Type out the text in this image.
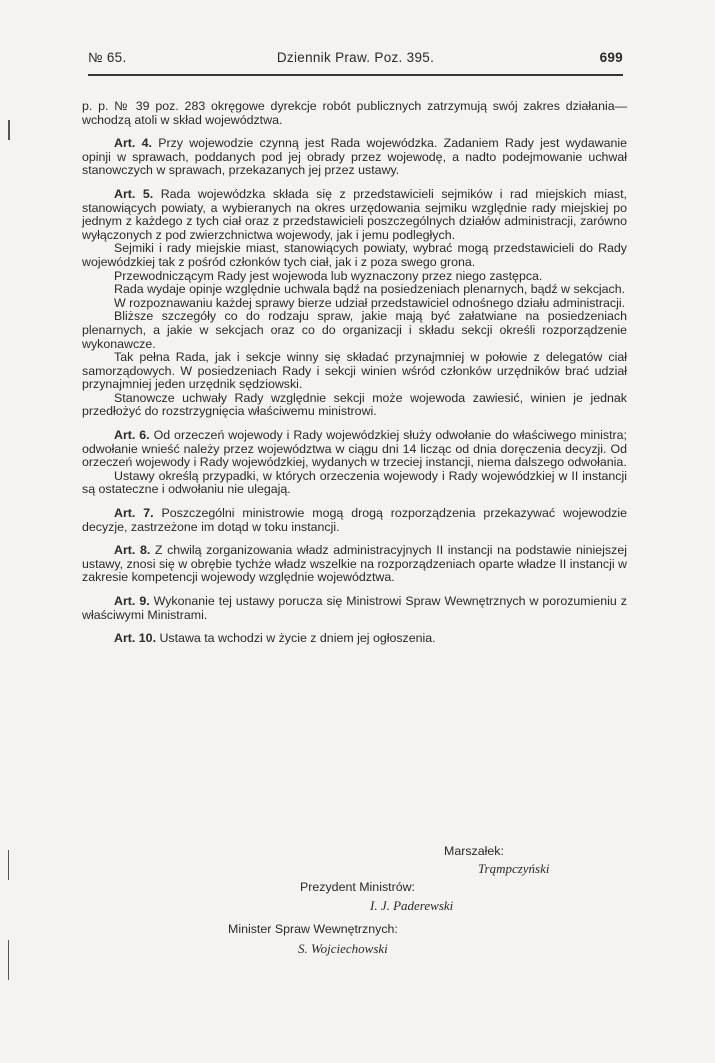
№ 65.	Dziennik Praw. Poz. 395.	699

p. p. № 39 poz. 283 okręgowe dyrekcje robót publicznych zatrzymują swój zakres działania—wchodzą atoli w skład województwa.

Art. 4. Przy wojewodzie czynną jest Rada wojewódzka. Zadaniem Rady jest wydawanie opinji w sprawach, poddanych pod jej obrady przez wojewodę, a nadto podejmowanie uchwał stanowczych w sprawach, przekazanych jej przez ustawy.

Art. 5. Rada wojewódzka składa się z przedstawicieli sejmików i rad miejskich miast, stanowiących powiaty, a wybieranych na okres urzędowania sejmiku względnie rady miejskiej po jednym z każdego z tych ciał oraz z przedstawicieli poszczególnych działów administracji, zarówno wyłączonych z pod zwierzchnictwa wojewody, jak i jemu podległych.

Sejmiki i rady miejskie miast, stanowiących powiaty, wybrać mogą przedstawicieli do Rady wojewódzkiej tak z pośród członków tych ciał, jak i z poza swego grona.

Przewodniczącym Rady jest wojewoda lub wyznaczony przez niego zastępca.

Rada wydaje opinje względnie uchwala bądź na posiedzeniach plenarnych, bądź w sekcjach.

W rozpoznawaniu każdej sprawy bierze udział przedstawiciel odnośnego działu administracji.

Bliższe szczegóły co do rodzaju spraw, jakie mają być załatwiane na posiedzeniach plenarnych, a jakie w sekcjach oraz co do organizacji i składu sekcji określi rozporządzenie wykonawcze.

Tak pełna Rada, jak i sekcje winny się składać przynajmniej w połowie z delegatów ciał samorządowych. W posiedzeniach Rady i sekcji winien wśród członków urzędników brać udział przynajmniej jeden urzędnik sędziowski.

Stanowcze uchwały Rady względnie sekcji może wojewoda zawiesić, winien je jednak przedłożyć do rozstrzygnięcia właściwemu ministrowi.

Art. 6. Od orzeczeń wojewody i Rady wojewódzkiej służy odwołanie do właściwego ministra; odwołanie wnieść należy przez województwa w ciągu dni 14 licząc od dnia doręczenia decyzji. Od orzeczeń wojewody i Rady wojewódzkiej, wydanych w trzeciej instancji, niema dalszego odwołania.

Ustawy określą przypadki, w których orzeczenia wojewody i Rady wojewódzkiej w II instancji są ostateczne i odwołaniu nie ulegają.

Art. 7. Poszczególni ministrowie mogą drogą rozporządzenia przekazywać wojewodzie decyzje, zastrzeżone im dotąd w toku instancji.

Art. 8. Z chwilą zorganizowania władz administracyjnych II instancji na podstawie niniejszej ustawy, znosi się w obrębie tychże władz wszelkie na rozporządzeniach oparte władze II instancji w zakresie kompetencji wojewody względnie województwa.

Art. 9. Wykonanie tej ustawy porucza się Ministrowi Spraw Wewnętrznych w porozumieniu z właściwymi Ministrami.

Art. 10. Ustawa ta wchodzi w życie z dniem jej ogłoszenia.

Marszałek:
Trąmpczyński
Prezydent Ministrów:
I. J. Paderewski
Minister Spraw Wewnętrznych:
S. Wojciechowski
